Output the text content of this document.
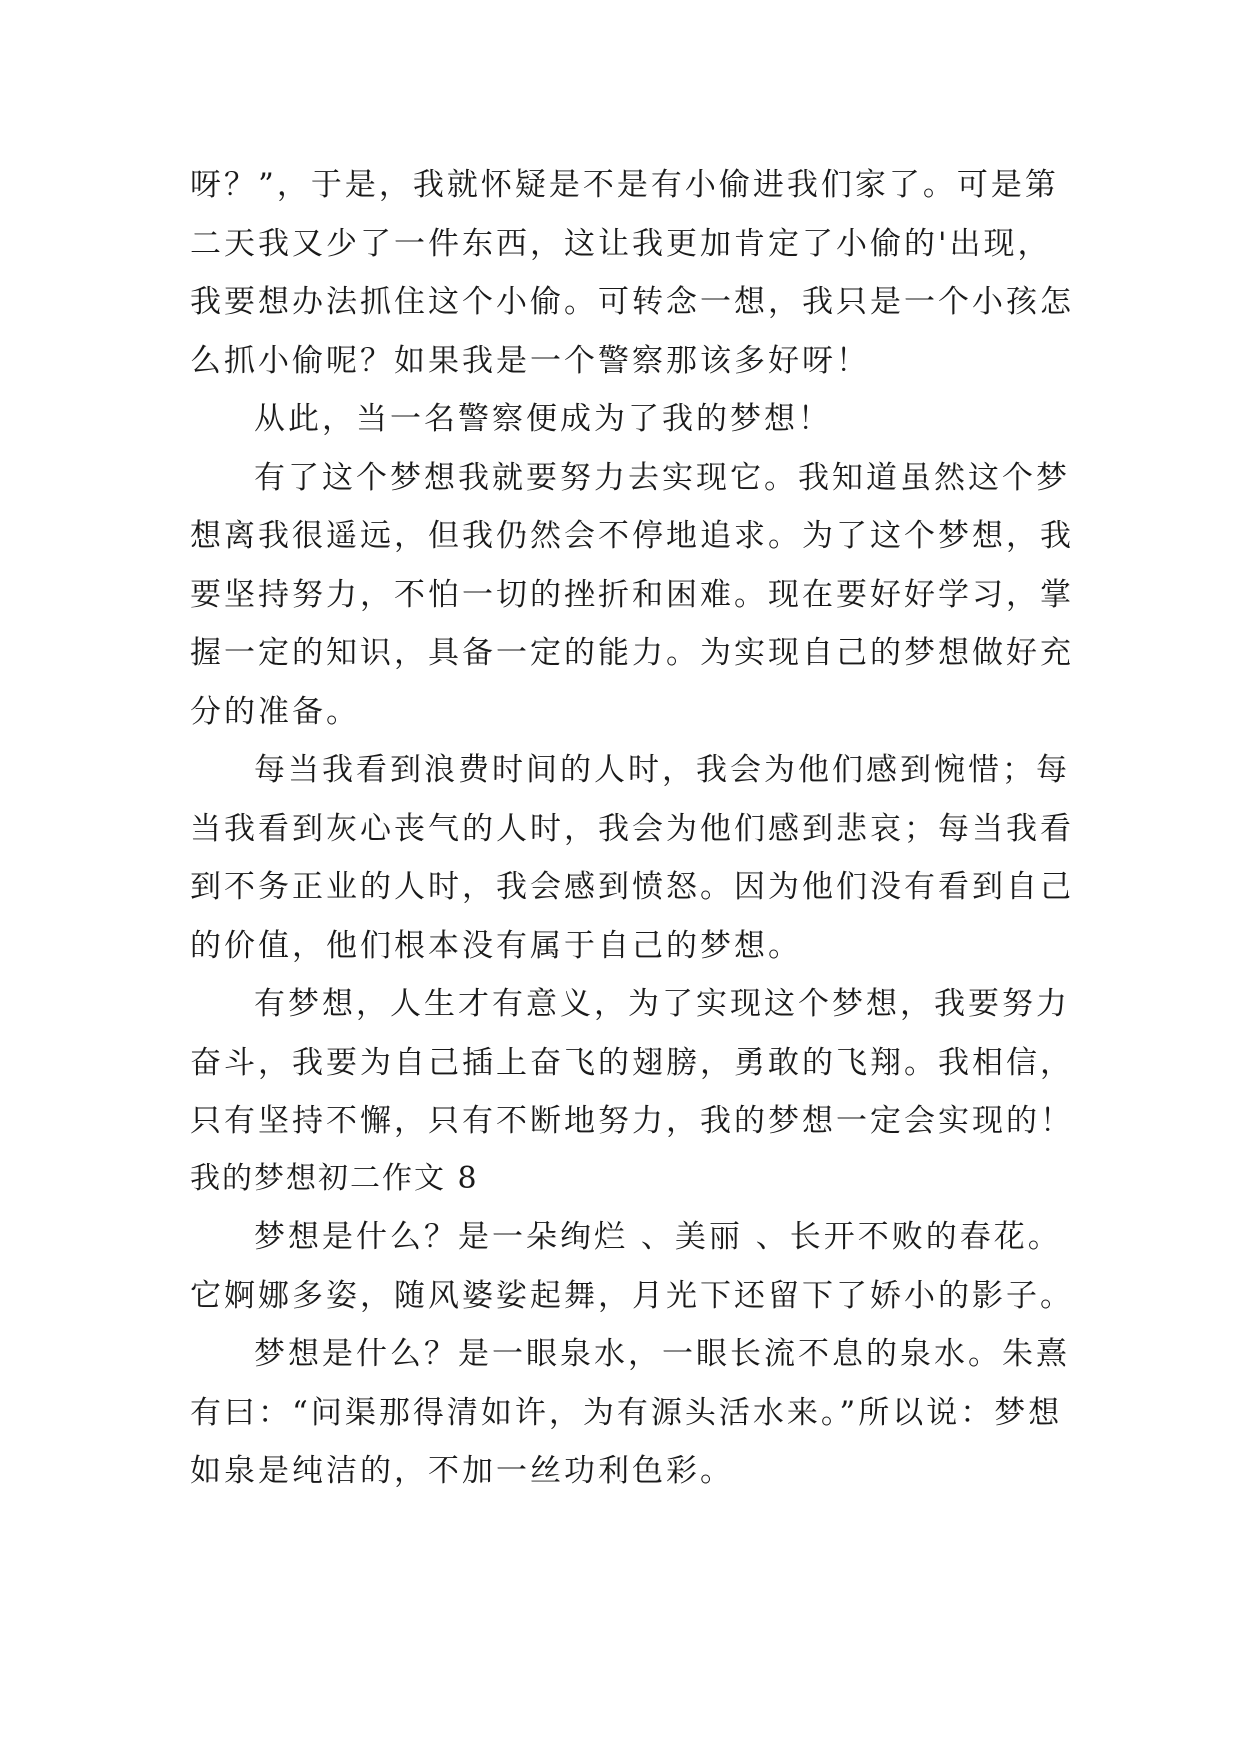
呀？”，于是，我就怀疑是不是有小偷进我们家了。可是第
二天我又少了一件东西，这让我更加肯定了小偷的'出现，
我要想办法抓住这个小偷。可转念一想，我只是一个小孩怎
么抓小偷呢？如果我是一个警察那该多好呀！
从此，当一名警察便成为了我的梦想！
有了这个梦想我就要努力去实现它。我知道虽然这个梦
想离我很遥远，但我仍然会不停地追求。为了这个梦想，我
要坚持努力，不怕一切的挫折和困难。现在要好好学习，掌
握一定的知识，具备一定的能力。为实现自己的梦想做好充
分的准备。
每当我看到浪费时间的人时，我会为他们感到惋惜；每
当我看到灰心丧气的人时，我会为他们感到悲哀；每当我看
到不务正业的人时，我会感到愤怒。因为他们没有看到自己
的价值，他们根本没有属于自己的梦想。
有梦想，人生才有意义，为了实现这个梦想，我要努力
奋斗，我要为自己插上奋飞的翅膀，勇敢的飞翔。我相信，
只有坚持不懈，只有不断地努力，我的梦想一定会实现的！
我的梦想初二作文 8
梦想是什么？是一朵绚烂 、美丽 、长开不败的春花。
它婀娜多姿，随风婆娑起舞，月光下还留下了娇小的影子。
梦想是什么？是一眼泉水，一眼长流不息的泉水。朱熹
有曰：“问渠那得清如许，为有源头活水来。”所以说：梦想
如泉是纯洁的，不加一丝功利色彩。
